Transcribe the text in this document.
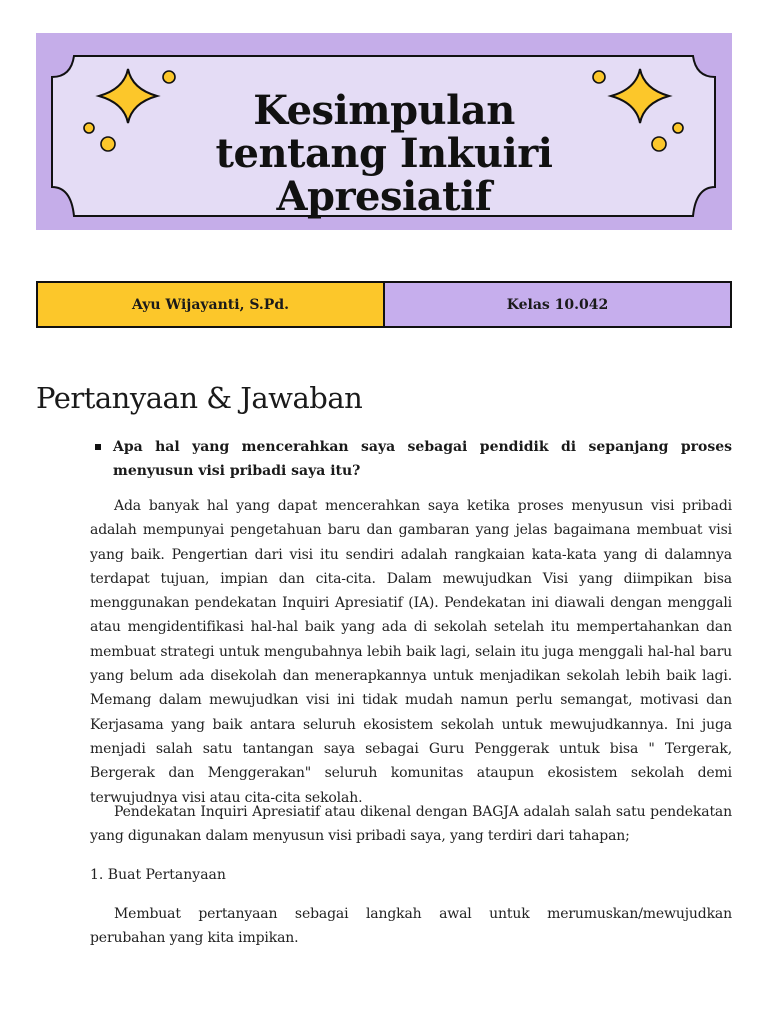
Kesimpulan
tentang Inkuiri
Apresiatif
Ayu Wijayanti, S.Pd.	Kelas 10.042
Pertanyaan & Jawaban

Apa hal yang mencerahkan saya sebagai pendidik di sepanjang proses menyusun visi pribadi saya itu?

Ada banyak hal yang dapat mencerahkan saya ketika proses menyusun visi pribadi adalah mempunyai pengetahuan baru dan gambaran yang jelas bagaimana membuat visi yang baik. Pengertian dari visi itu sendiri adalah rangkaian kata-kata yang di dalamnya terdapat tujuan, impian dan cita-cita. Dalam mewujudkan Visi yang diimpikan bisa menggunakan pendekatan Inquiri Apresiatif (IA). Pendekatan ini diawali dengan menggali atau mengidentifikasi hal-hal baik yang ada di sekolah setelah itu mempertahankan dan membuat strategi untuk mengubahnya lebih baik lagi, selain itu juga menggali hal-hal baru yang belum ada disekolah dan menerapkannya untuk menjadikan sekolah lebih baik lagi. Memang dalam mewujudkan visi ini tidak mudah namun perlu semangat, motivasi dan Kerjasama yang baik antara seluruh ekosistem sekolah untuk mewujudkannya. Ini juga menjadi salah satu tantangan saya sebagai Guru Penggerak untuk bisa " Tergerak, Bergerak dan Menggerakan" seluruh komunitas ataupun ekosistem sekolah demi terwujudnya visi atau cita-cita sekolah.

Pendekatan Inquiri Apresiatif atau dikenal dengan BAGJA adalah salah satu pendekatan yang digunakan dalam menyusun visi pribadi saya, yang terdiri dari tahapan;

1. Buat Pertanyaan

Membuat pertanyaan sebagai langkah awal untuk merumuskan/mewujudkan perubahan yang kita impikan.
